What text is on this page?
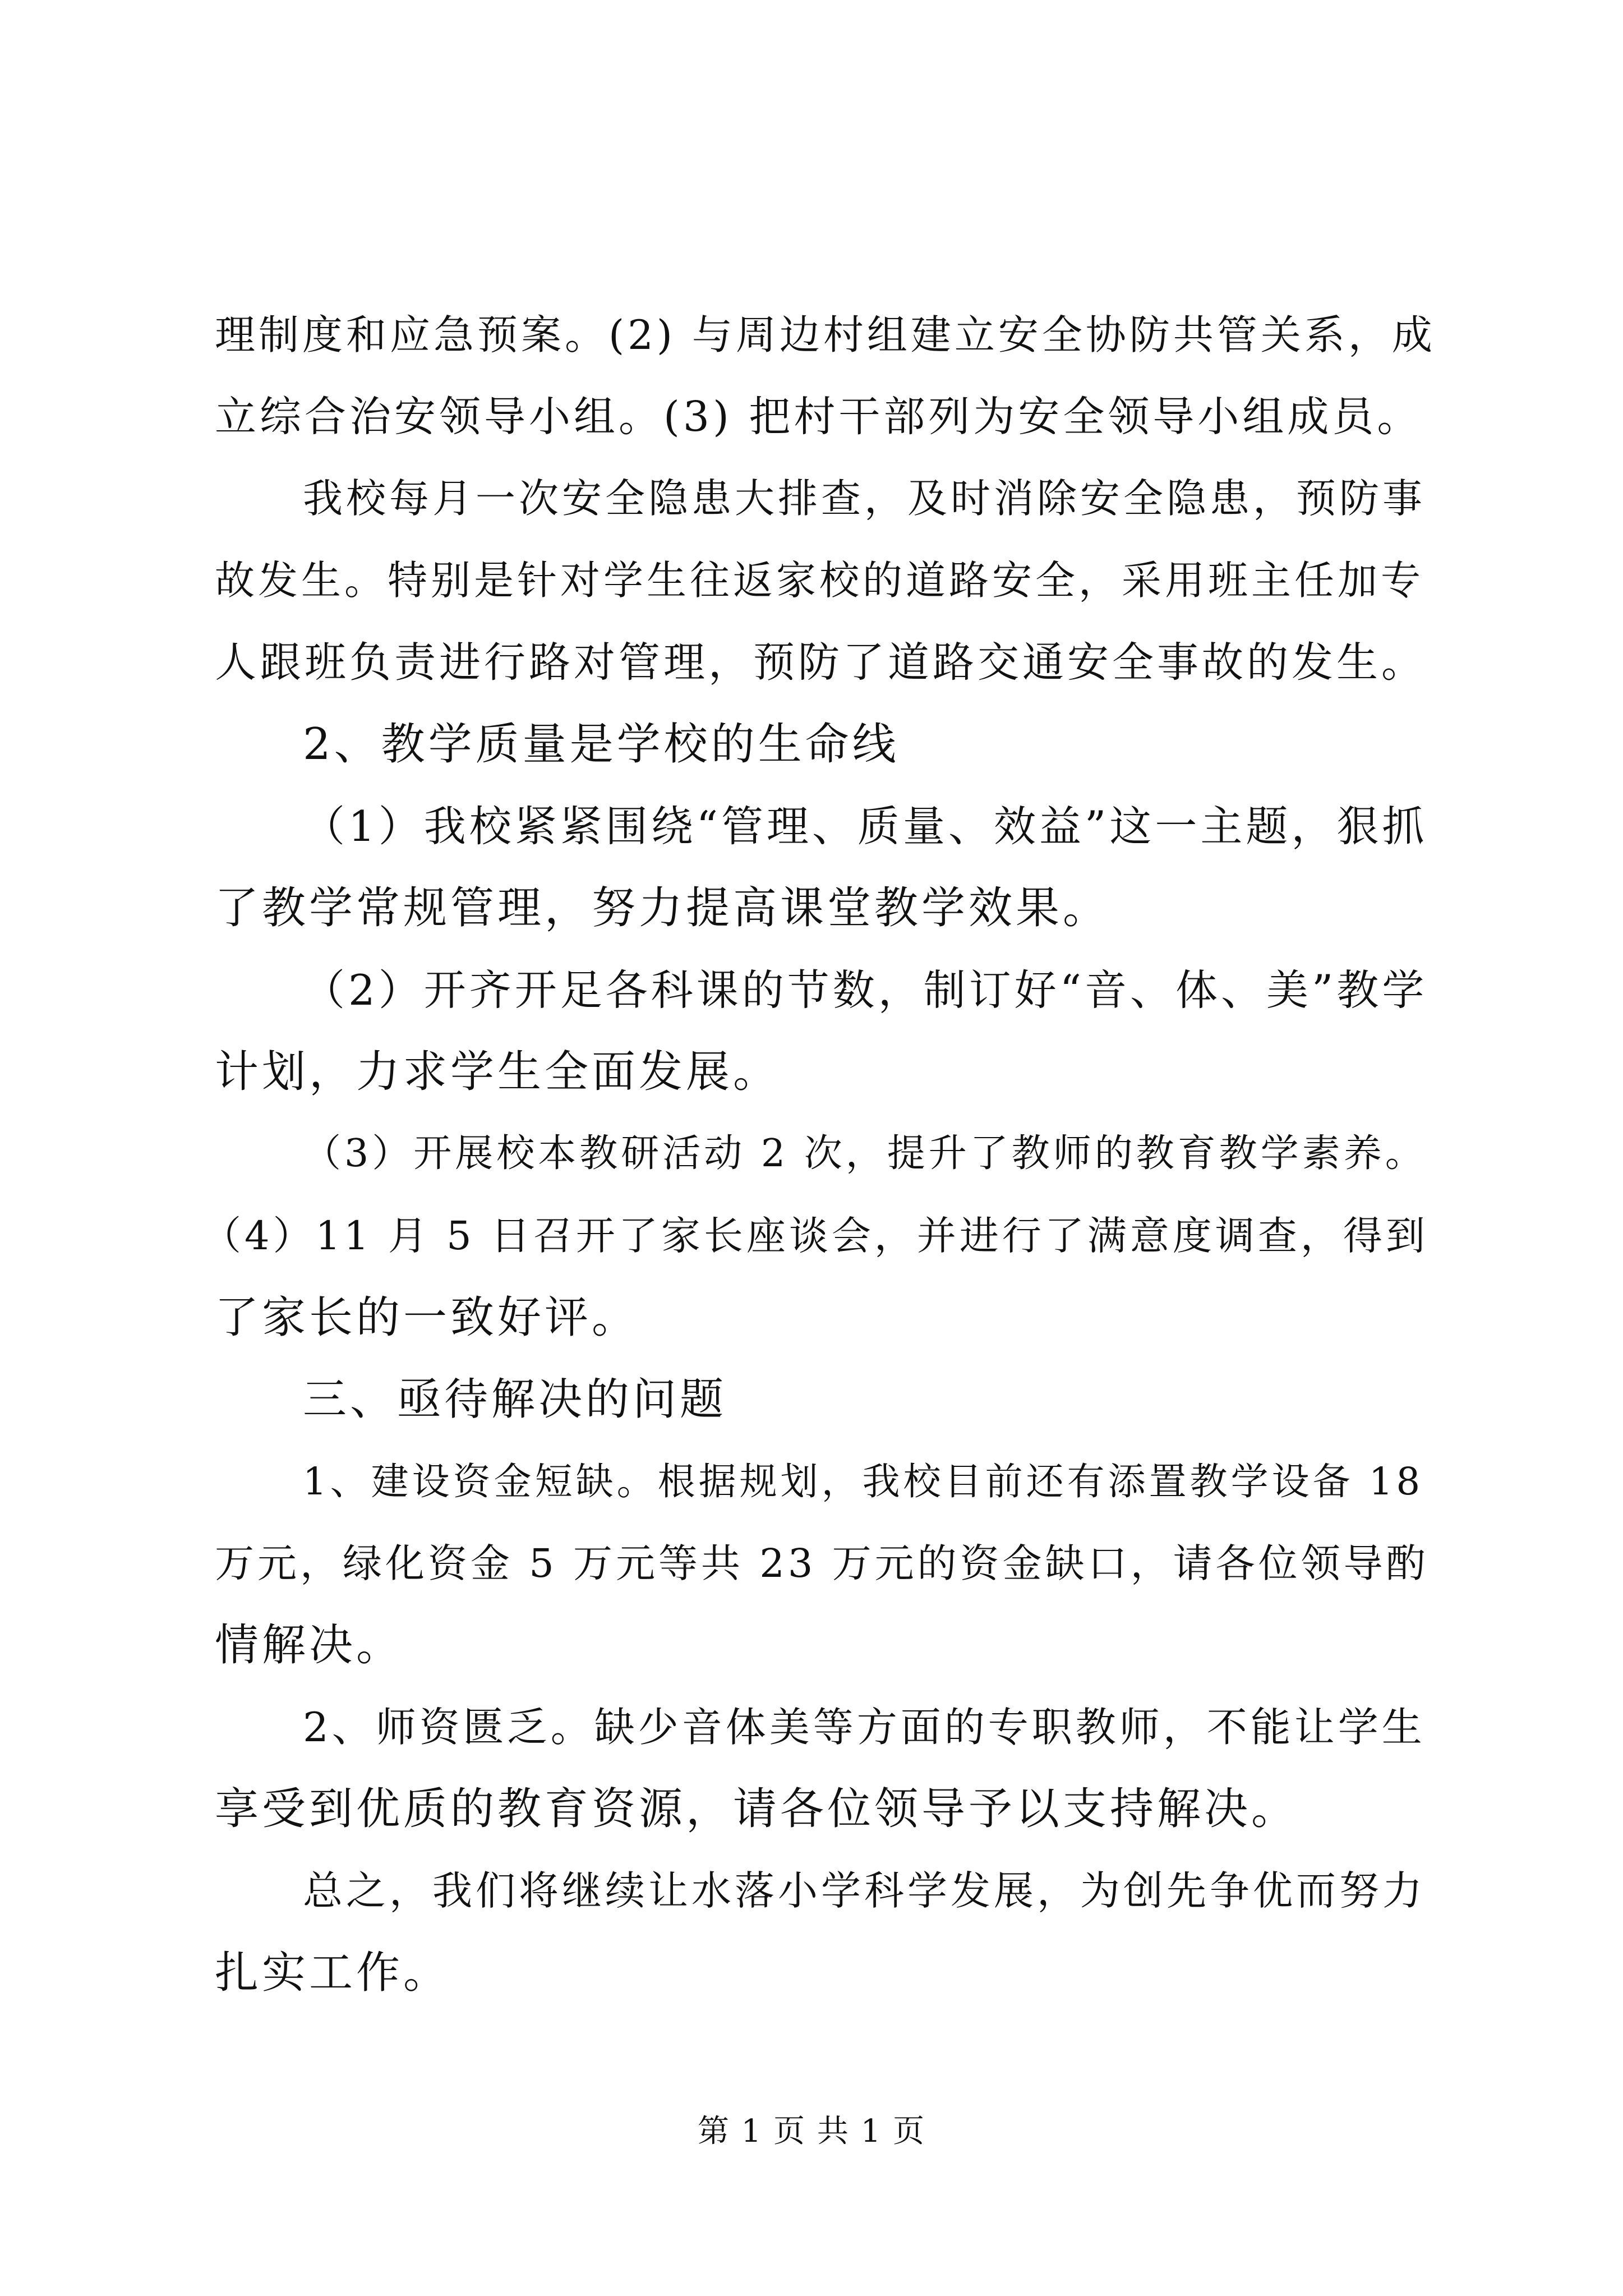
理制度和应急预案。(2) 与周边村组建立安全协防共管关系，成
立综合治安领导小组。(3) 把村干部列为安全领导小组成员。
我校每月一次安全隐患大排查，及时消除安全隐患，预防事
故发生。特别是针对学生往返家校的道路安全，采用班主任加专
人跟班负责进行路对管理，预防了道路交通安全事故的发生。
2、教学质量是学校的生命线
（1）我校紧紧围绕“管理、质量、效益”这一主题，狠抓
了教学常规管理，努力提高课堂教学效果。
（2）开齐开足各科课的节数，制订好“音、体、美”教学
计划，力求学生全面发展。
（3）开展校本教研活动 2 次，提升了教师的教育教学素养。
（4）11 月 5 日召开了家长座谈会，并进行了满意度调查，得到
了家长的一致好评。
三、亟待解决的问题
1、建设资金短缺。根据规划，我校目前还有添置教学设备 18
万元，绿化资金 5 万元等共 23 万元的资金缺口，请各位领导酌
情解决。
2、师资匮乏。缺少音体美等方面的专职教师，不能让学生
享受到优质的教育资源，请各位领导予以支持解决。
总之，我们将继续让水落小学科学发展，为创先争优而努力
扎实工作。
第 1 页 共 1 页
